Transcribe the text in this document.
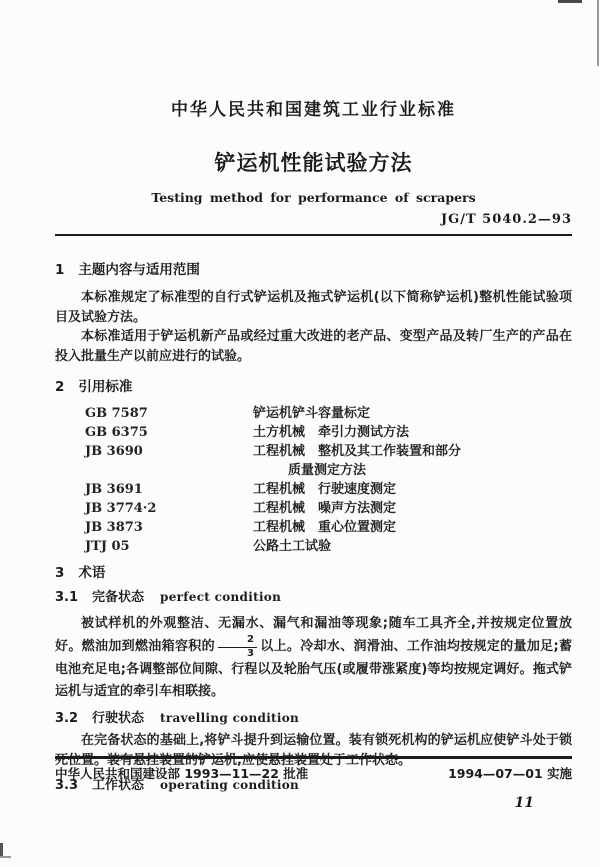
中华人民共和国建筑工业行业标准
铲运机性能试验方法
Testing method for performance of scrapers
JG/T 5040.2—93
1 主题内容与适用范围
本标准规定了标准型的自行式铲运机及拖式铲运机(以下简称铲运机)整机性能试验项目及试验方法。
本标准适用于铲运机新产品或经过重大改进的老产品、变型产品及转厂生产的产品在投入批量生产以前应进行的试验。
2 引用标准
GB 7587	铲运机铲斗容量标定
GB 6375	土方机械　牵引力测试方法
JB 3690	工程机械　整机及其工作装置和部分
质量测定方法
JB 3691	工程机械　行驶速度测定
JB 3774·2	工程机械　噪声方法测定
JB 3873	工程机械　重心位置测定
JTJ 05	公路土工试验
3 术语
3.1 完备状态 perfect condition
被试样机的外观整洁、无漏水、漏气和漏油等现象;随车工具齐全,并按规定位置放好。燃油加到燃油箱容积的 $\frac{2}{3}$ 以上。冷却水、润滑油、工作油均按规定的量加足;蓄电池充足电;各调整部位间隙、行程以及轮胎气压(或履带涨紧度)等均按规定调好。拖式铲运机与适宜的牵引车相联接。
3.2 行驶状态 travelling condition
在完备状态的基础上,将铲斗提升到运输位置。装有锁死机构的铲运机应使铲斗处于锁死位置。装有悬挂装置的铲运机,应使悬挂装置处于工作状态。
3.3 工作状态 operating condition
中华人民共和国建设部 1993—11—22 批准	1994—07—01 实施
11
